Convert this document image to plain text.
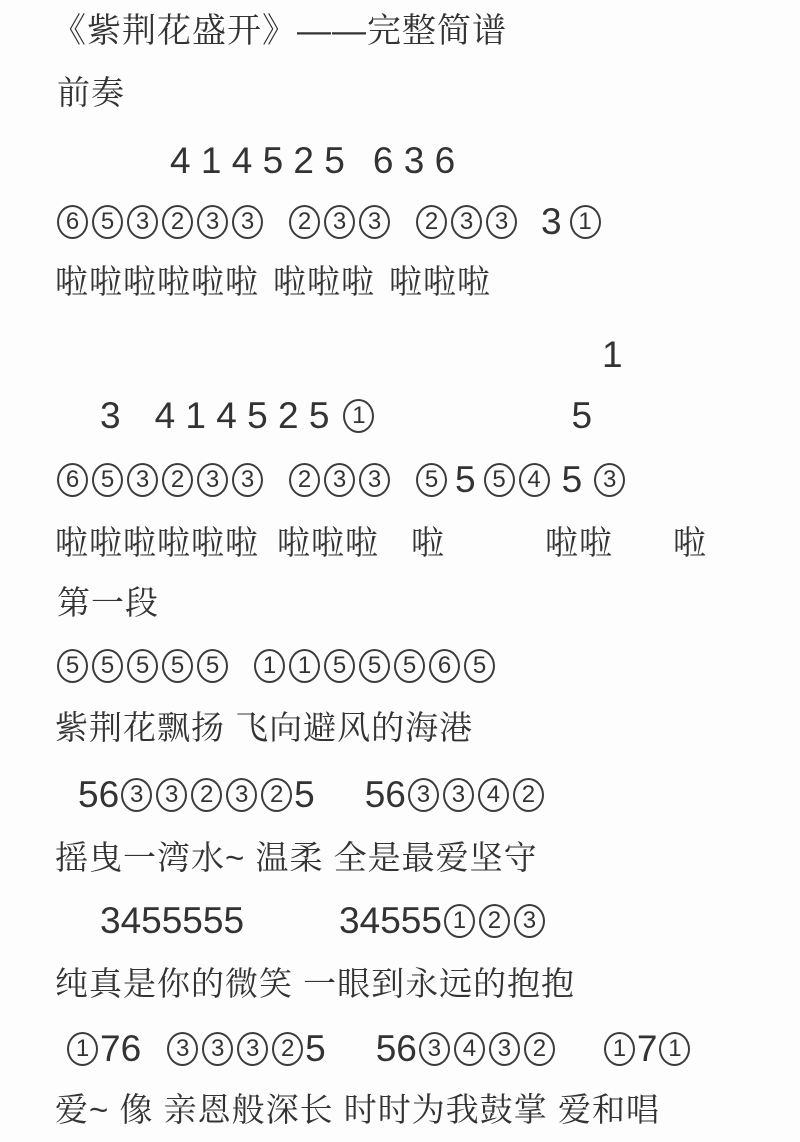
《紫荆花盛开》——完整简谱
前奏
4 1 4 5 2 5 6 3 6
6 5 3 2 3 3	2 3 3	2 3 3 3 1
啦啦啦啦啦啦 啦啦啦 啦啦啦
1
3 4 1 4 5 2 5 1	5
6 5 3 2 3 3	2 3 3	5 5 5 4 5 3
啦啦啦啦啦啦 啦啦啦 啦	啦啦 啦
第一段
5 5 5 5 5	1 1 5 5 5 6 5
紫荆花飘扬 飞向避风的海港
56 3 3 2 3 2 5 56 3 3 4 2
摇曳一湾水~ 温柔 全是最爱坚守
3455555	34555 1 2 3
纯真是你的微笑 一眼到永远的抱抱
1 76	3 3 3 2 5 56 3 4 3 2	1 7 1
爱~ 像 亲恩般深长 时时为我鼓掌 爱和唱
